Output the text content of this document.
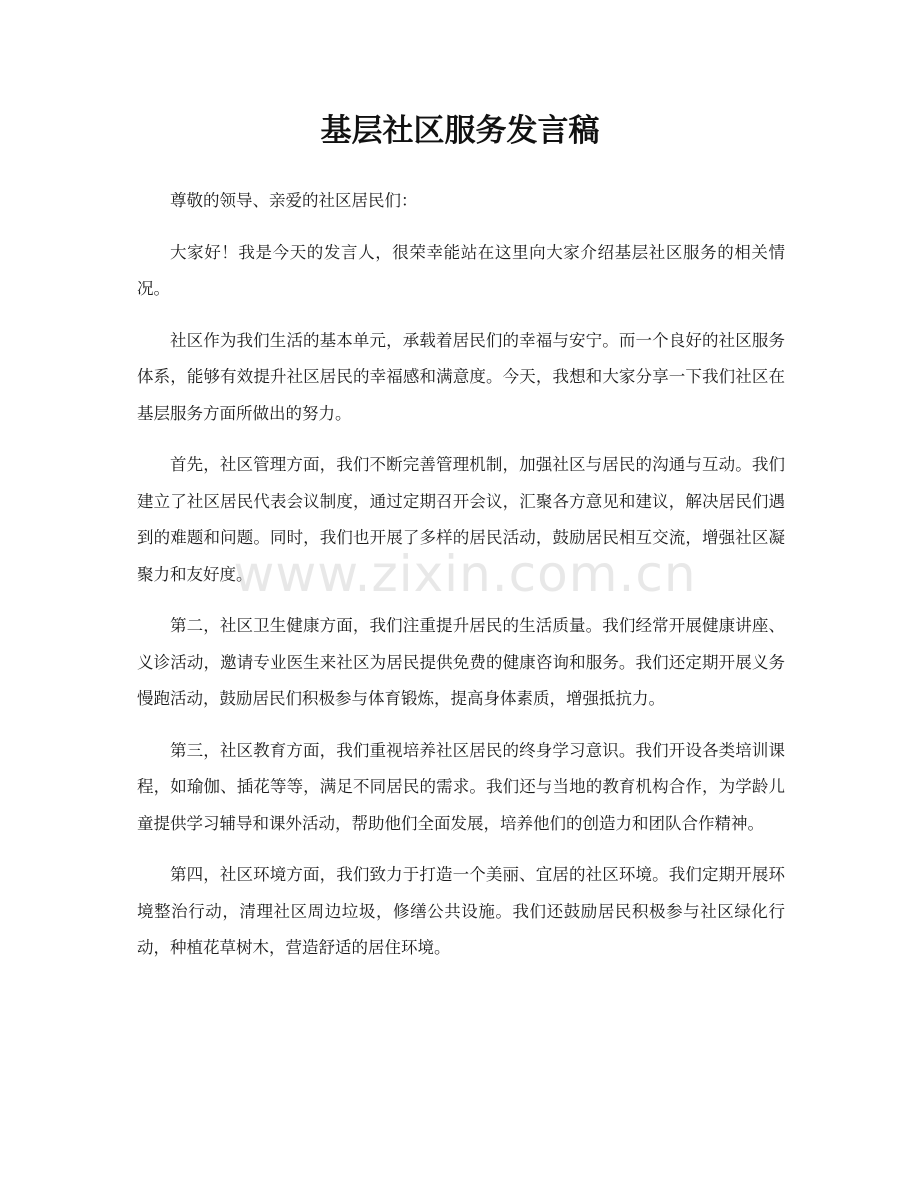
基层社区服务发言稿

尊敬的领导、亲爱的社区居民们：

大家好！我是今天的发言人，很荣幸能站在这里向大家介绍基层社区服务的相关情况。

社区作为我们生活的基本单元，承载着居民们的幸福与安宁。而一个良好的社区服务体系，能够有效提升社区居民的幸福感和满意度。今天，我想和大家分享一下我们社区在基层服务方面所做出的努力。

首先，社区管理方面，我们不断完善管理机制，加强社区与居民的沟通与互动。我们建立了社区居民代表会议制度，通过定期召开会议，汇聚各方意见和建议，解决居民们遇到的难题和问题。同时，我们也开展了多样的居民活动，鼓励居民相互交流，增强社区凝聚力和友好度。

第二，社区卫生健康方面，我们注重提升居民的生活质量。我们经常开展健康讲座、义诊活动，邀请专业医生来社区为居民提供免费的健康咨询和服务。我们还定期开展义务慢跑活动，鼓励居民们积极参与体育锻炼，提高身体素质，增强抵抗力。

第三，社区教育方面，我们重视培养社区居民的终身学习意识。我们开设各类培训课程，如瑜伽、插花等等，满足不同居民的需求。我们还与当地的教育机构合作，为学龄儿童提供学习辅导和课外活动，帮助他们全面发展，培养他们的创造力和团队合作精神。

第四，社区环境方面，我们致力于打造一个美丽、宜居的社区环境。我们定期开展环境整治行动，清理社区周边垃圾，修缮公共设施。我们还鼓励居民积极参与社区绿化行动，种植花草树木，营造舒适的居住环境。

www.zixin.com.cn
